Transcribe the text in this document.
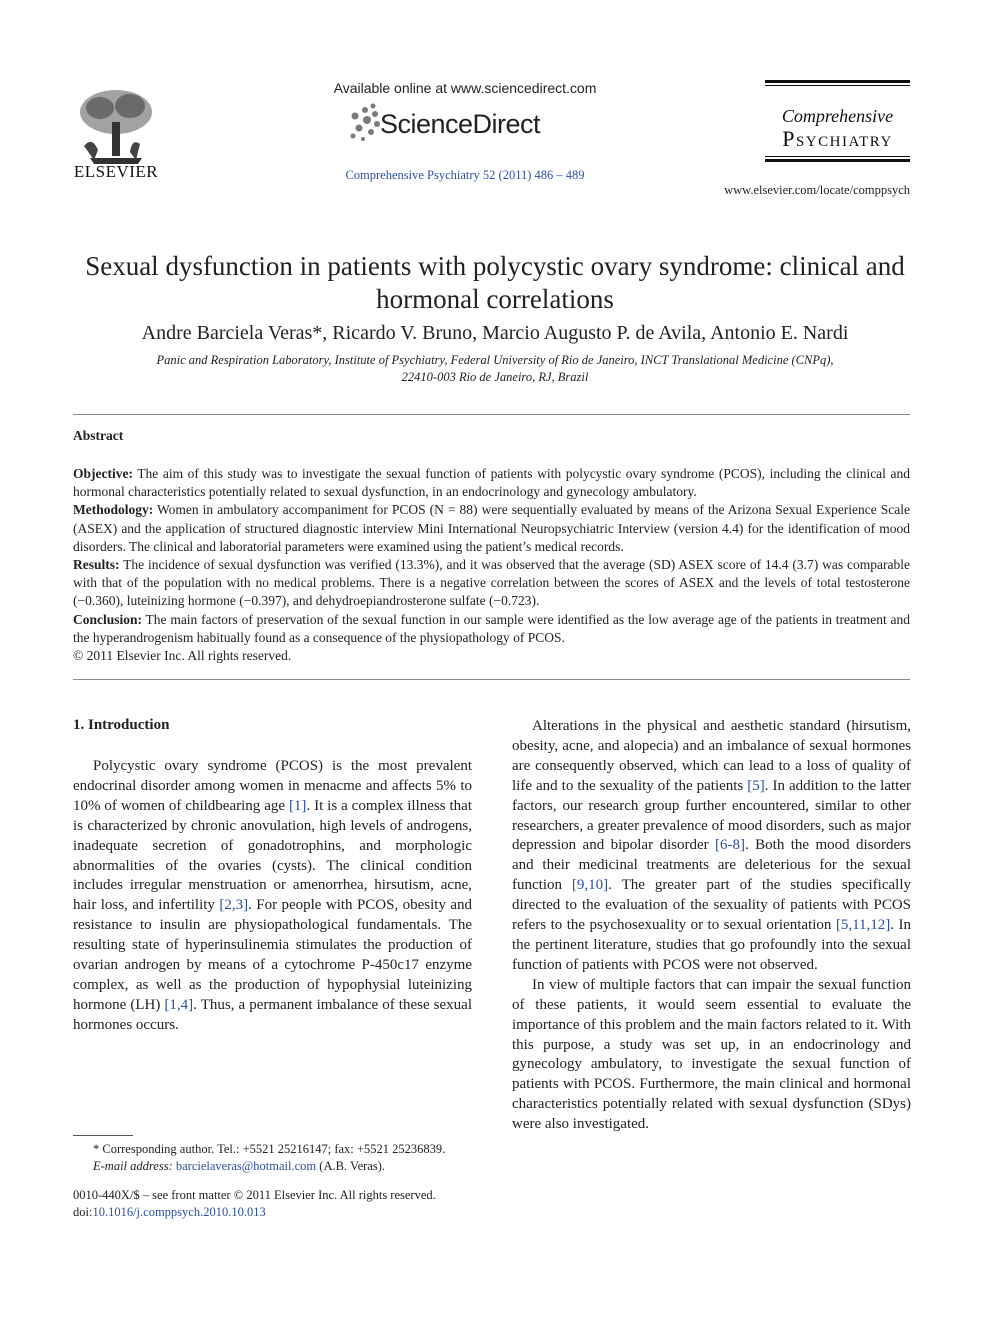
ELSEVIER
Available online at www.sciencedirect.com
ScienceDirect
Comprehensive Psychiatry 52 (2011) 486 – 489
Comprehensive
Psychiatry
www.elsevier.com/locate/comppsych
Sexual dysfunction in patients with polycystic ovary syndrome: clinical and hormonal correlations
Andre Barciela Veras*, Ricardo V. Bruno, Marcio Augusto P. de Avila, Antonio E. Nardi
Panic and Respiration Laboratory, Institute of Psychiatry, Federal University of Rio de Janeiro, INCT Translational Medicine (CNPq),
22410-003 Rio de Janeiro, RJ, Brazil
Abstract

Objective: The aim of this study was to investigate the sexual function of patients with polycystic ovary syndrome (PCOS), including the clinical and hormonal characteristics potentially related to sexual dysfunction, in an endocrinology and gynecology ambulatory.

Methodology: Women in ambulatory accompaniment for PCOS (N = 88) were sequentially evaluated by means of the Arizona Sexual Experience Scale (ASEX) and the application of structured diagnostic interview Mini International Neuropsychiatric Interview (version 4.4) for the identification of mood disorders. The clinical and laboratorial parameters were examined using the patient’s medical records.

Results: The incidence of sexual dysfunction was verified (13.3%), and it was observed that the average (SD) ASEX score of 14.4 (3.7) was comparable with that of the population with no medical problems. There is a negative correlation between the scores of ASEX and the levels of total testosterone (−0.360), luteinizing hormone (−0.397), and dehydroepiandrosterone sulfate (−0.723).

Conclusion: The main factors of preservation of the sexual function in our sample were identified as the low average age of the patients in treatment and the hyperandrogenism habitually found as a consequence of the physiopathology of PCOS.

© 2011 Elsevier Inc. All rights reserved.

1. Introduction

Polycystic ovary syndrome (PCOS) is the most prevalent endocrinal disorder among women in menacme and affects 5% to 10% of women of childbearing age [1]. It is a complex illness that is characterized by chronic anovulation, high levels of androgens, inadequate secretion of gonadotrophins, and morphologic abnormalities of the ovaries (cysts). The clinical condition includes irregular menstruation or amenorrhea, hirsutism, acne, hair loss, and infertility [2,3]. For people with PCOS, obesity and resistance to insulin are physiopathological fundamentals. The resulting state of hyperinsulinemia stimulates the production of ovarian androgen by means of a cytochrome P-450c17 enzyme complex, as well as the production of hypophysial luteinizing hormone (LH) [1,4]. Thus, a permanent imbalance of these sexual hormones occurs.

Alterations in the physical and aesthetic standard (hirsutism, obesity, acne, and alopecia) and an imbalance of sexual hormones are consequently observed, which can lead to a loss of quality of life and to the sexuality of the patients [5]. In addition to the latter factors, our research group further encountered, similar to other researchers, a greater prevalence of mood disorders, such as major depression and bipolar disorder [6-8]. Both the mood disorders and their medicinal treatments are deleterious for the sexual function [9,10]. The greater part of the studies specifically directed to the evaluation of the sexuality of patients with PCOS refers to the psychosexuality or to sexual orientation [5,11,12]. In the pertinent literature, studies that go profoundly into the sexual function of patients with PCOS were not observed.

In view of multiple factors that can impair the sexual function of these patients, it would seem essential to evaluate the importance of this problem and the main factors related to it. With this purpose, a study was set up, in an endocrinology and gynecology ambulatory, to investigate the sexual function of patients with PCOS. Furthermore, the main clinical and hormonal characteristics potentially related with sexual dysfunction (SDys) were also investigated.

* Corresponding author. Tel.: +5521 25216147; fax: +5521 25236839.

E-mail address: barcielaveras@hotmail.com (A.B. Veras).

0010-440X/$ – see front matter © 2011 Elsevier Inc. All rights reserved.

doi:10.1016/j.comppsych.2010.10.013
